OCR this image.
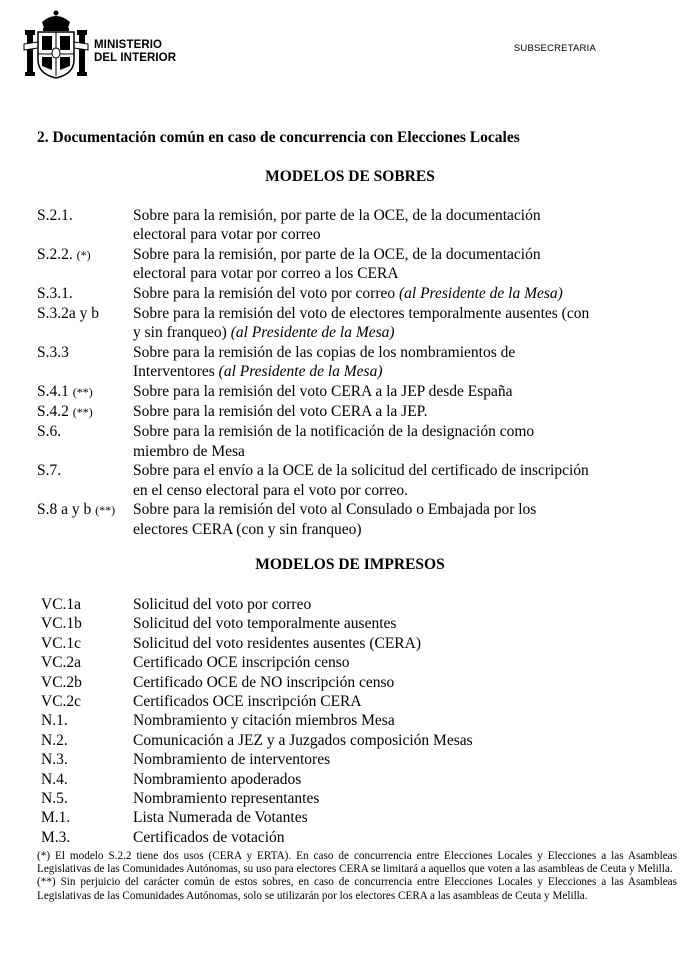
MINISTERIO
DEL INTERIOR
SUBSECRETARIA
2. Documentación común en caso de concurrencia con Elecciones Locales
MODELOS DE SOBRES
S.2.1.	Sobre para la remisión, por parte de la OCE, de la documentación
electoral para votar por correo
S.2.2. (*)	Sobre para la remisión, por parte de la OCE, de la documentación
electoral para votar por correo a los CERA
S.3.1.	Sobre para la remisión del voto por correo (al Presidente de la Mesa)
S.3.2a y b	Sobre para la remisión del voto de electores temporalmente ausentes (con
y sin franqueo) (al Presidente de la Mesa)
S.3.3	Sobre para la remisión de las copias de los nombramientos de
Interventores (al Presidente de la Mesa)
S.4.1 (**)	Sobre para la remisión del voto CERA a la JEP desde España
S.4.2 (**)	Sobre para la remisión del voto CERA a la JEP.
S.6.	Sobre para la remisión de la notificación de la designación como
miembro de Mesa
S.7.	Sobre para el envío a la OCE de la solicitud del certificado de inscripción
en el censo electoral para el voto por correo.
S.8 a y b (**)	Sobre para la remisión del voto al Consulado o Embajada por los
electores CERA (con y sin franqueo)
MODELOS DE IMPRESOS
VC.1a	Solicitud del voto por correo
VC.1b	Solicitud del voto temporalmente ausentes
VC.1c	Solicitud del voto residentes ausentes (CERA)
VC.2a	Certificado OCE inscripción censo
VC.2b	Certificado OCE de NO inscripción censo
VC.2c	Certificados OCE inscripción CERA
N.1.	Nombramiento y citación miembros Mesa
N.2.	Comunicación a JEZ y a Juzgados composición Mesas
N.3.	Nombramiento de interventores
N.4.	Nombramiento apoderados
N.5.	Nombramiento representantes
M.1.	Lista Numerada de Votantes
M.3.	Certificados de votación

(*) El modelo S.2.2 tiene dos usos (CERA y ERTA). En caso de concurrencia entre Elecciones Locales y Elecciones a las Asambleas Legislativas de las Comunidades Autónomas, su uso para electores CERA se limitará a aquellos que voten a las asambleas de Ceuta y Melilla.

(**) Sin perjuicio del carácter común de estos sobres, en caso de concurrencia entre Elecciones Locales y Elecciones a las Asambleas Legislativas de las Comunidades Autónomas, solo se utilizarán por los electores CERA a las asambleas de Ceuta y Melilla.
